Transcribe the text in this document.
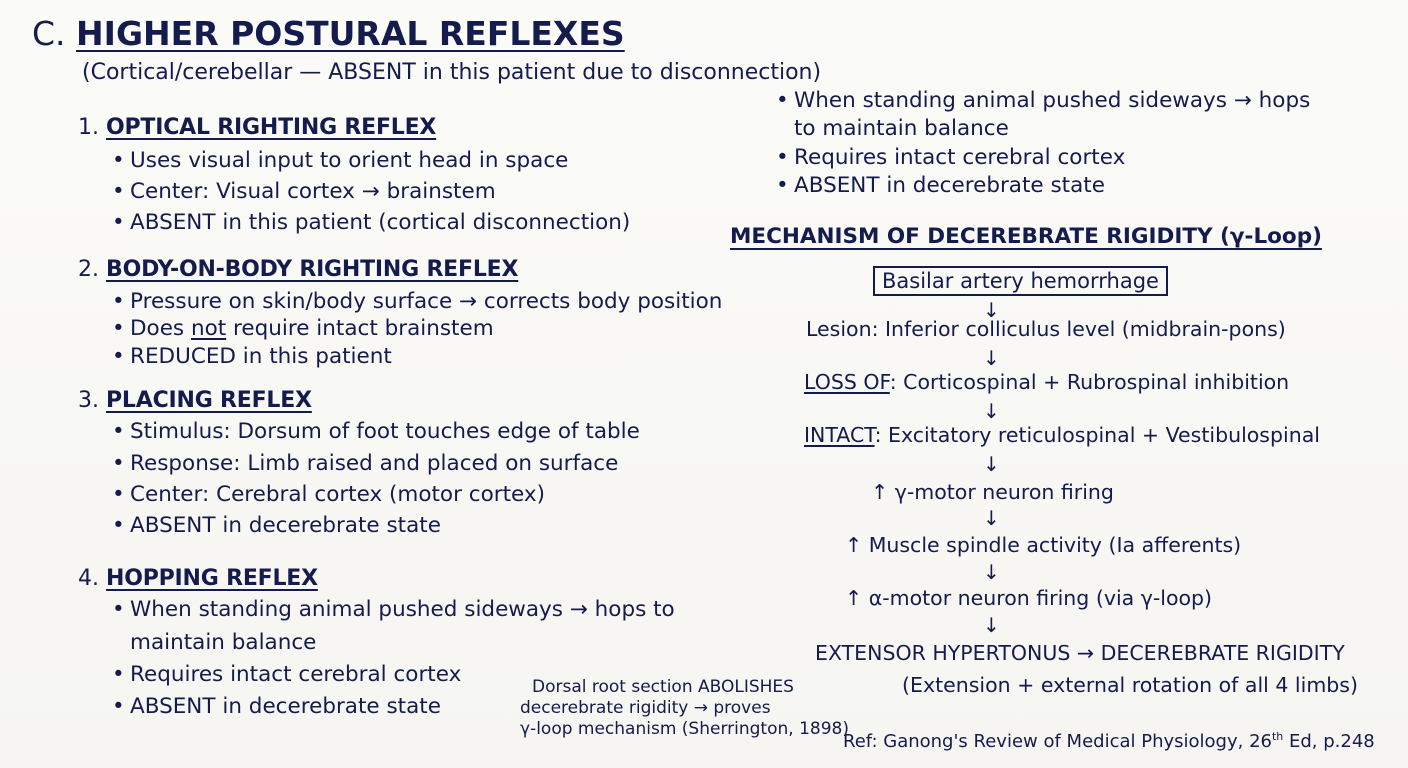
C. HIGHER POSTURAL REFLEXES
(Cortical/cerebellar — ABSENT in this patient due to disconnection)
1. OPTICAL RIGHTING REFLEX
• Uses visual input to orient head in space
• Center: Visual cortex → brainstem
• ABSENT in this patient (cortical disconnection)
2. BODY-ON-BODY RIGHTING REFLEX
• Pressure on skin/body surface → corrects body position
• Does not require intact brainstem
• REDUCED in this patient
3. PLACING REFLEX
• Stimulus: Dorsum of foot touches edge of table
• Response: Limb raised and placed on surface
• Center: Cerebral cortex (motor cortex)
• ABSENT in decerebrate state
4. HOPPING REFLEX
• When standing animal pushed sideways → hops to
maintain balance
• Requires intact cerebral cortex
• ABSENT in decerebrate state
• When standing animal pushed sideways → hops
to maintain balance
• Requires intact cerebral cortex
• ABSENT in decerebrate state
MECHANISM OF DECEREBRATE RIGIDITY (γ-Loop)
Basilar artery hemorrhage
↓
Lesion: Inferior colliculus level (midbrain-pons)
↓
LOSS OF: Corticospinal + Rubrospinal inhibition
↓
INTACT: Excitatory reticulospinal + Vestibulospinal
↓
↑ γ-motor neuron firing
↓
↑ Muscle spindle activity (Ia afferents)
↓
↑ α-motor neuron firing (via γ-loop)
↓
EXTENSOR HYPERTONUS → DECEREBRATE RIGIDITY
(Extension + external rotation of all 4 limbs)
Dorsal root section ABOLISHES
decerebrate rigidity → proves
γ-loop mechanism (Sherrington, 1898)
Ref: Ganong's Review of Medical Physiology, 26th Ed, p.248
